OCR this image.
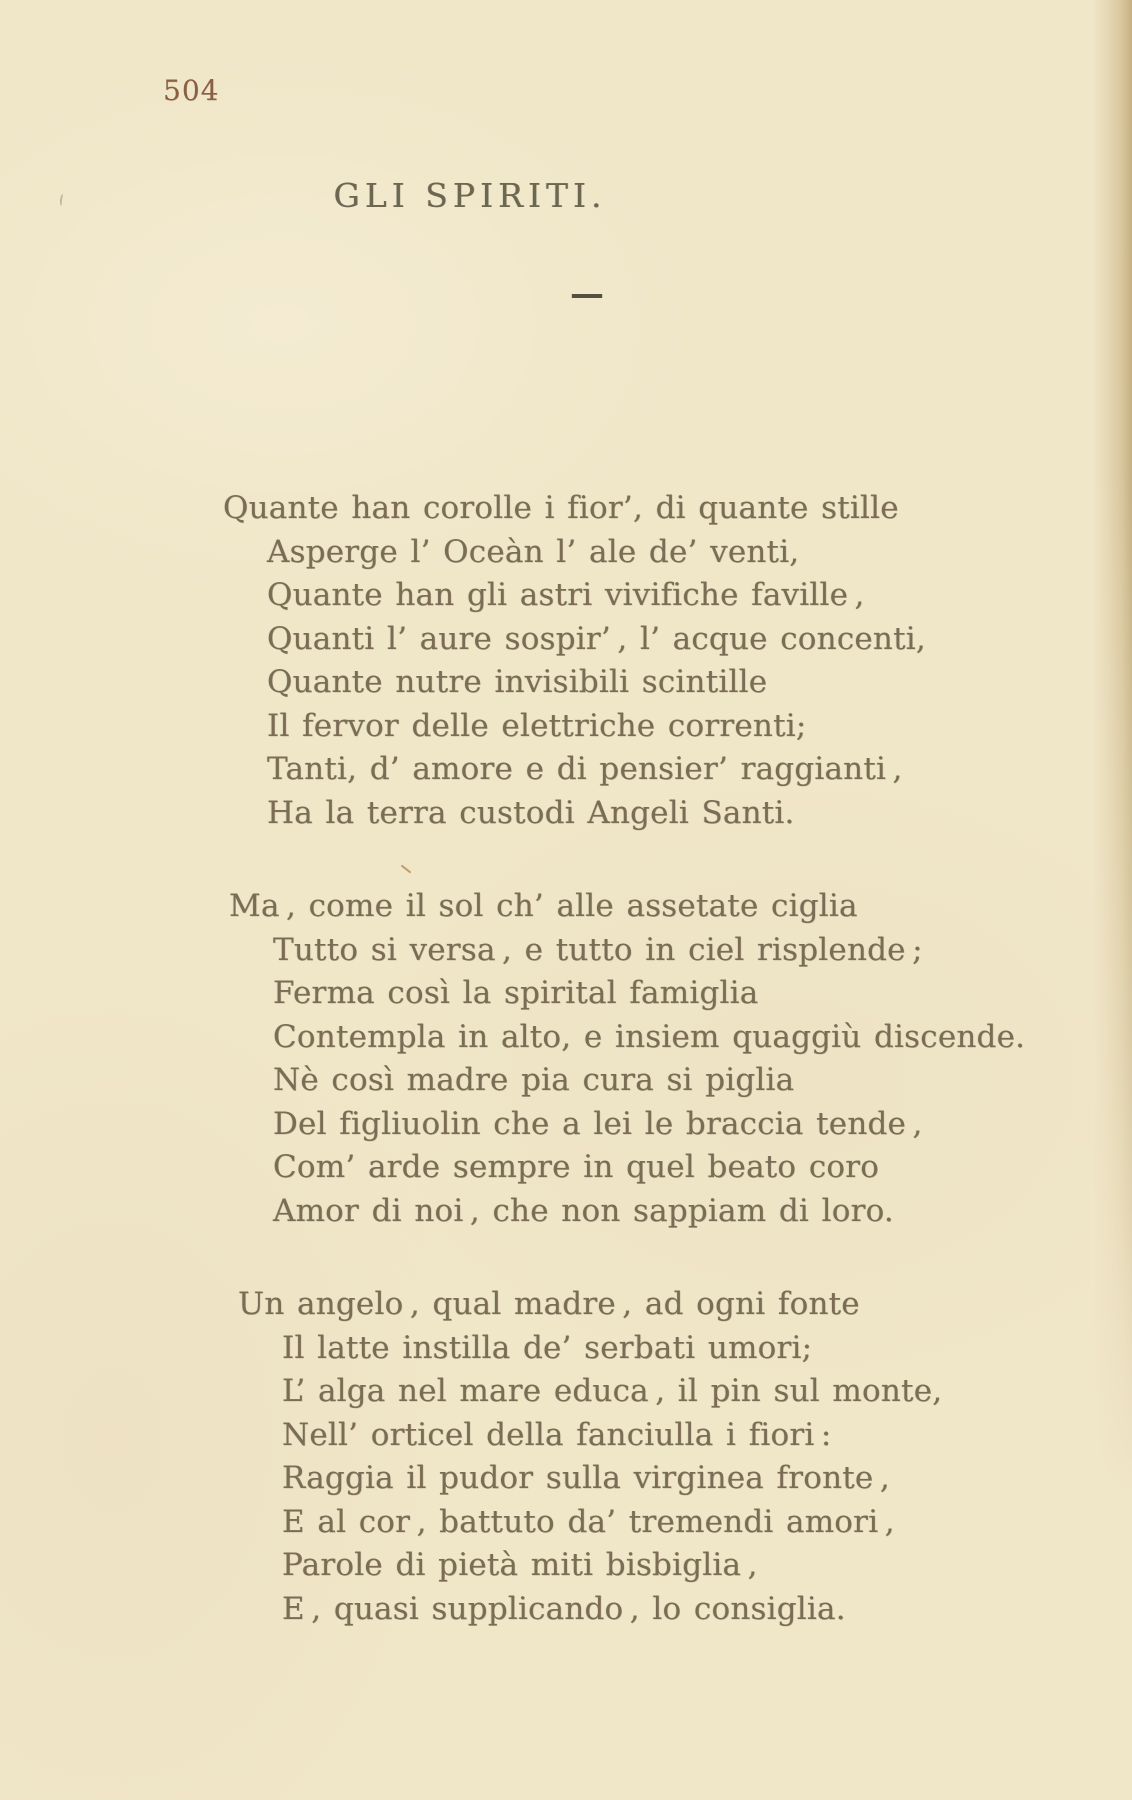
504
GLI SPIRITI.
—
Quante han corolle i fior’, di quante stille
Asperge l’ Oceàn l’ ale de’ venti,
Quante han gli astri vivifiche faville ,
Quanti l’ aure sospir’ , l’ acque concenti,
Quante nutre invisibili scintille
Il fervor delle elettriche correnti;
Tanti, d’ amore e di pensier’ raggianti ,
Ha la terra custodi Angeli Santi.
Ma , come il sol ch’ alle assetate ciglia
Tutto si versa , e tutto in ciel risplende ;
Ferma così la spirital famiglia
Contempla in alto, e insiem quaggiù discende.
Nè così madre pia cura si piglia
Del figliuolin che a lei le braccia tende ,
Com’ arde sempre in quel beato coro
Amor di noi , che non sappiam di loro.
Un angelo , qual madre , ad ogni fonte
Il latte instilla de’ serbati umori;
L’ alga nel mare educa , il pin sul monte,
Nell’ orticel della fanciulla i fiori :
Raggia il pudor sulla virginea fronte ,
E al cor , battuto da’ tremendi amori ,
Parole di pietà miti bisbiglia ,
E , quasi supplicando , lo consiglia.
